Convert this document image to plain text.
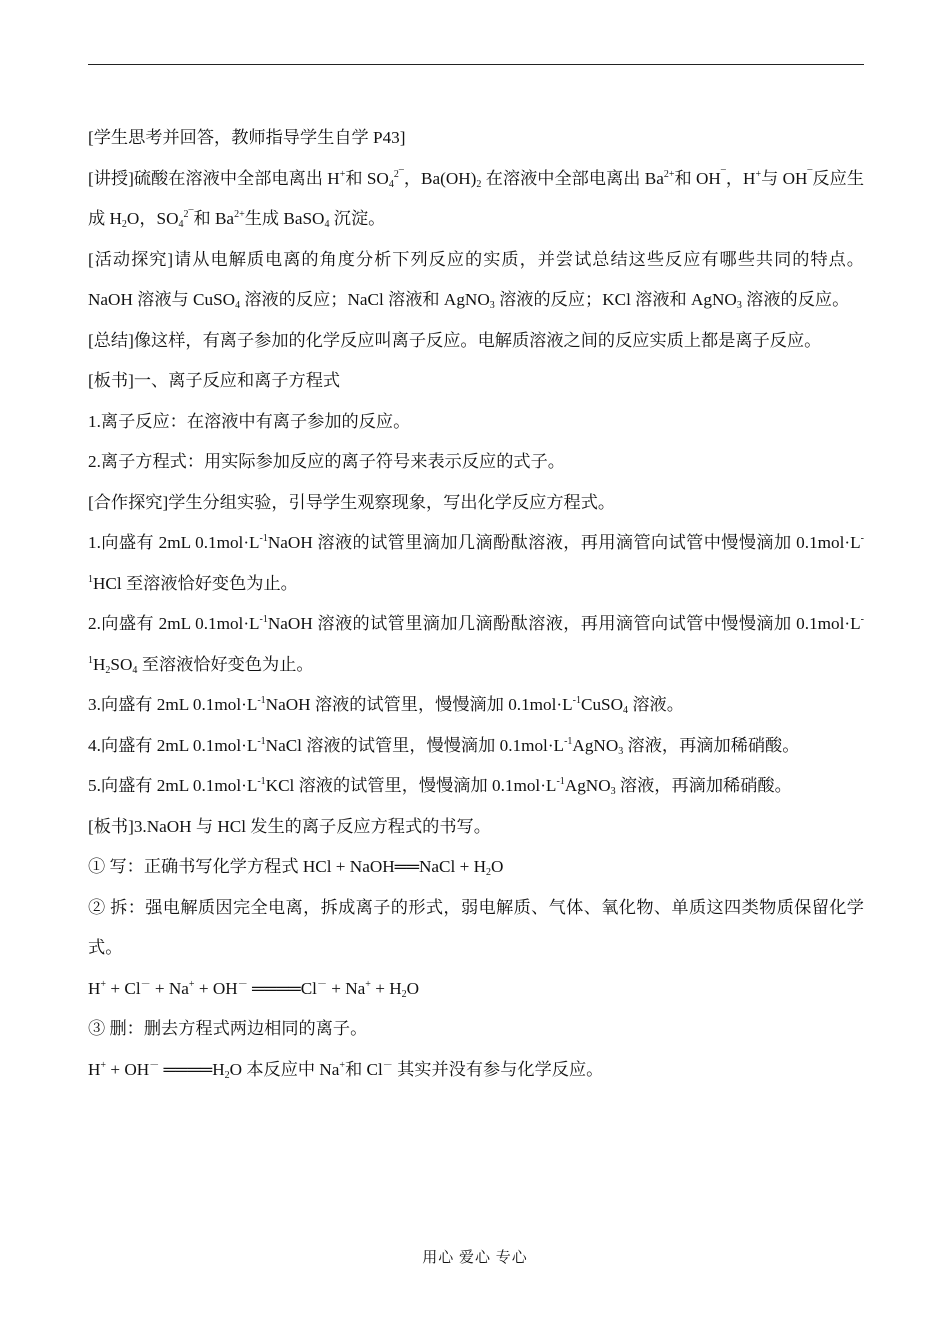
[学生思考并回答，教师指导学生自学 P43]

[讲授]硫酸在溶液中全部电离出 H+和 $SO_4^{2¯}$，$Ba(OH)_2$ 在溶液中全部电离出 $Ba^{2+}$和 OH¯，H+与 OH¯反应生成 $H_2O$，$SO_4^{2¯}$和 $Ba^{2+}$生成 BaSO$_4$ 沉淀。

[活动探究]请从电解质电离的角度分析下列反应的实质，并尝试总结这些反应有哪些共同的特点。NaOH 溶液与 CuSO$_4$ 溶液的反应；NaCl 溶液和 AgNO$_3$ 溶液的反应；KCl 溶液和 AgNO$_3$ 溶液的反应。

[总结]像这样，有离子参加的化学反应叫离子反应。电解质溶液之间的反应实质上都是离子反应。

[板书]一、离子反应和离子方程式

1.离子反应：在溶液中有离子参加的反应。

2.离子方程式：用实际参加反应的离子符号来表示反应的式子。

[合作探究]学生分组实验，引导学生观察现象，写出化学反应方程式。

1.向盛有 2mL $0.1mol\cdot L^{-1}NaOH$ 溶液的试管里滴加几滴酚酞溶液，再用滴管向试管中慢慢滴加 $0.1mol\cdot L^{-1}HCl$ 至溶液恰好变色为止。

2.向盛有 2mL $0.1mol\cdot L^{-1}NaOH$ 溶液的试管里滴加几滴酚酞溶液，再用滴管向试管中慢慢滴加 $0.1mol\cdot L^{-1}H_2SO_4$ 至溶液恰好变色为止。

3.向盛有 2mL $0.1mol\cdot L^{-1}NaOH$ 溶液的试管里，慢慢滴加 $0.1mol\cdot L^{-1}CuSO_4$ 溶液。

4.向盛有 2mL $0.1mol\cdot L^{-1}NaCl$ 溶液的试管里，慢慢滴加 $0.1mol\cdot L^{-1}AgNO_3$ 溶液，再滴加稀硝酸。

5.向盛有 2mL $0.1mol\cdot L^{-1}KCl$ 溶液的试管里，慢慢滴加 $0.1mol\cdot L^{-1}AgNO_3$ 溶液，再滴加稀硝酸。

[板书]3.NaOH 与 HCl 发生的离子反应方程式的书写。

① 写：正确书写化学方程式 HCl + NaOH══NaCl + $H_2O$

② 拆：强电解质因完全电离，拆成离子的形式，弱电解质、气体、氧化物、单质这四类物质保留化学式。

H+ + Cl－ + Na+ + OH－ ════Cl－ + $Na^+ + H_2O$

③ 删：删去方程式两边相同的离子。

H+ + OH－ $════H_2O$ 本反应中 Na+和 Cl－ 其实并没有参与化学反应。

用心 爱心 专心
